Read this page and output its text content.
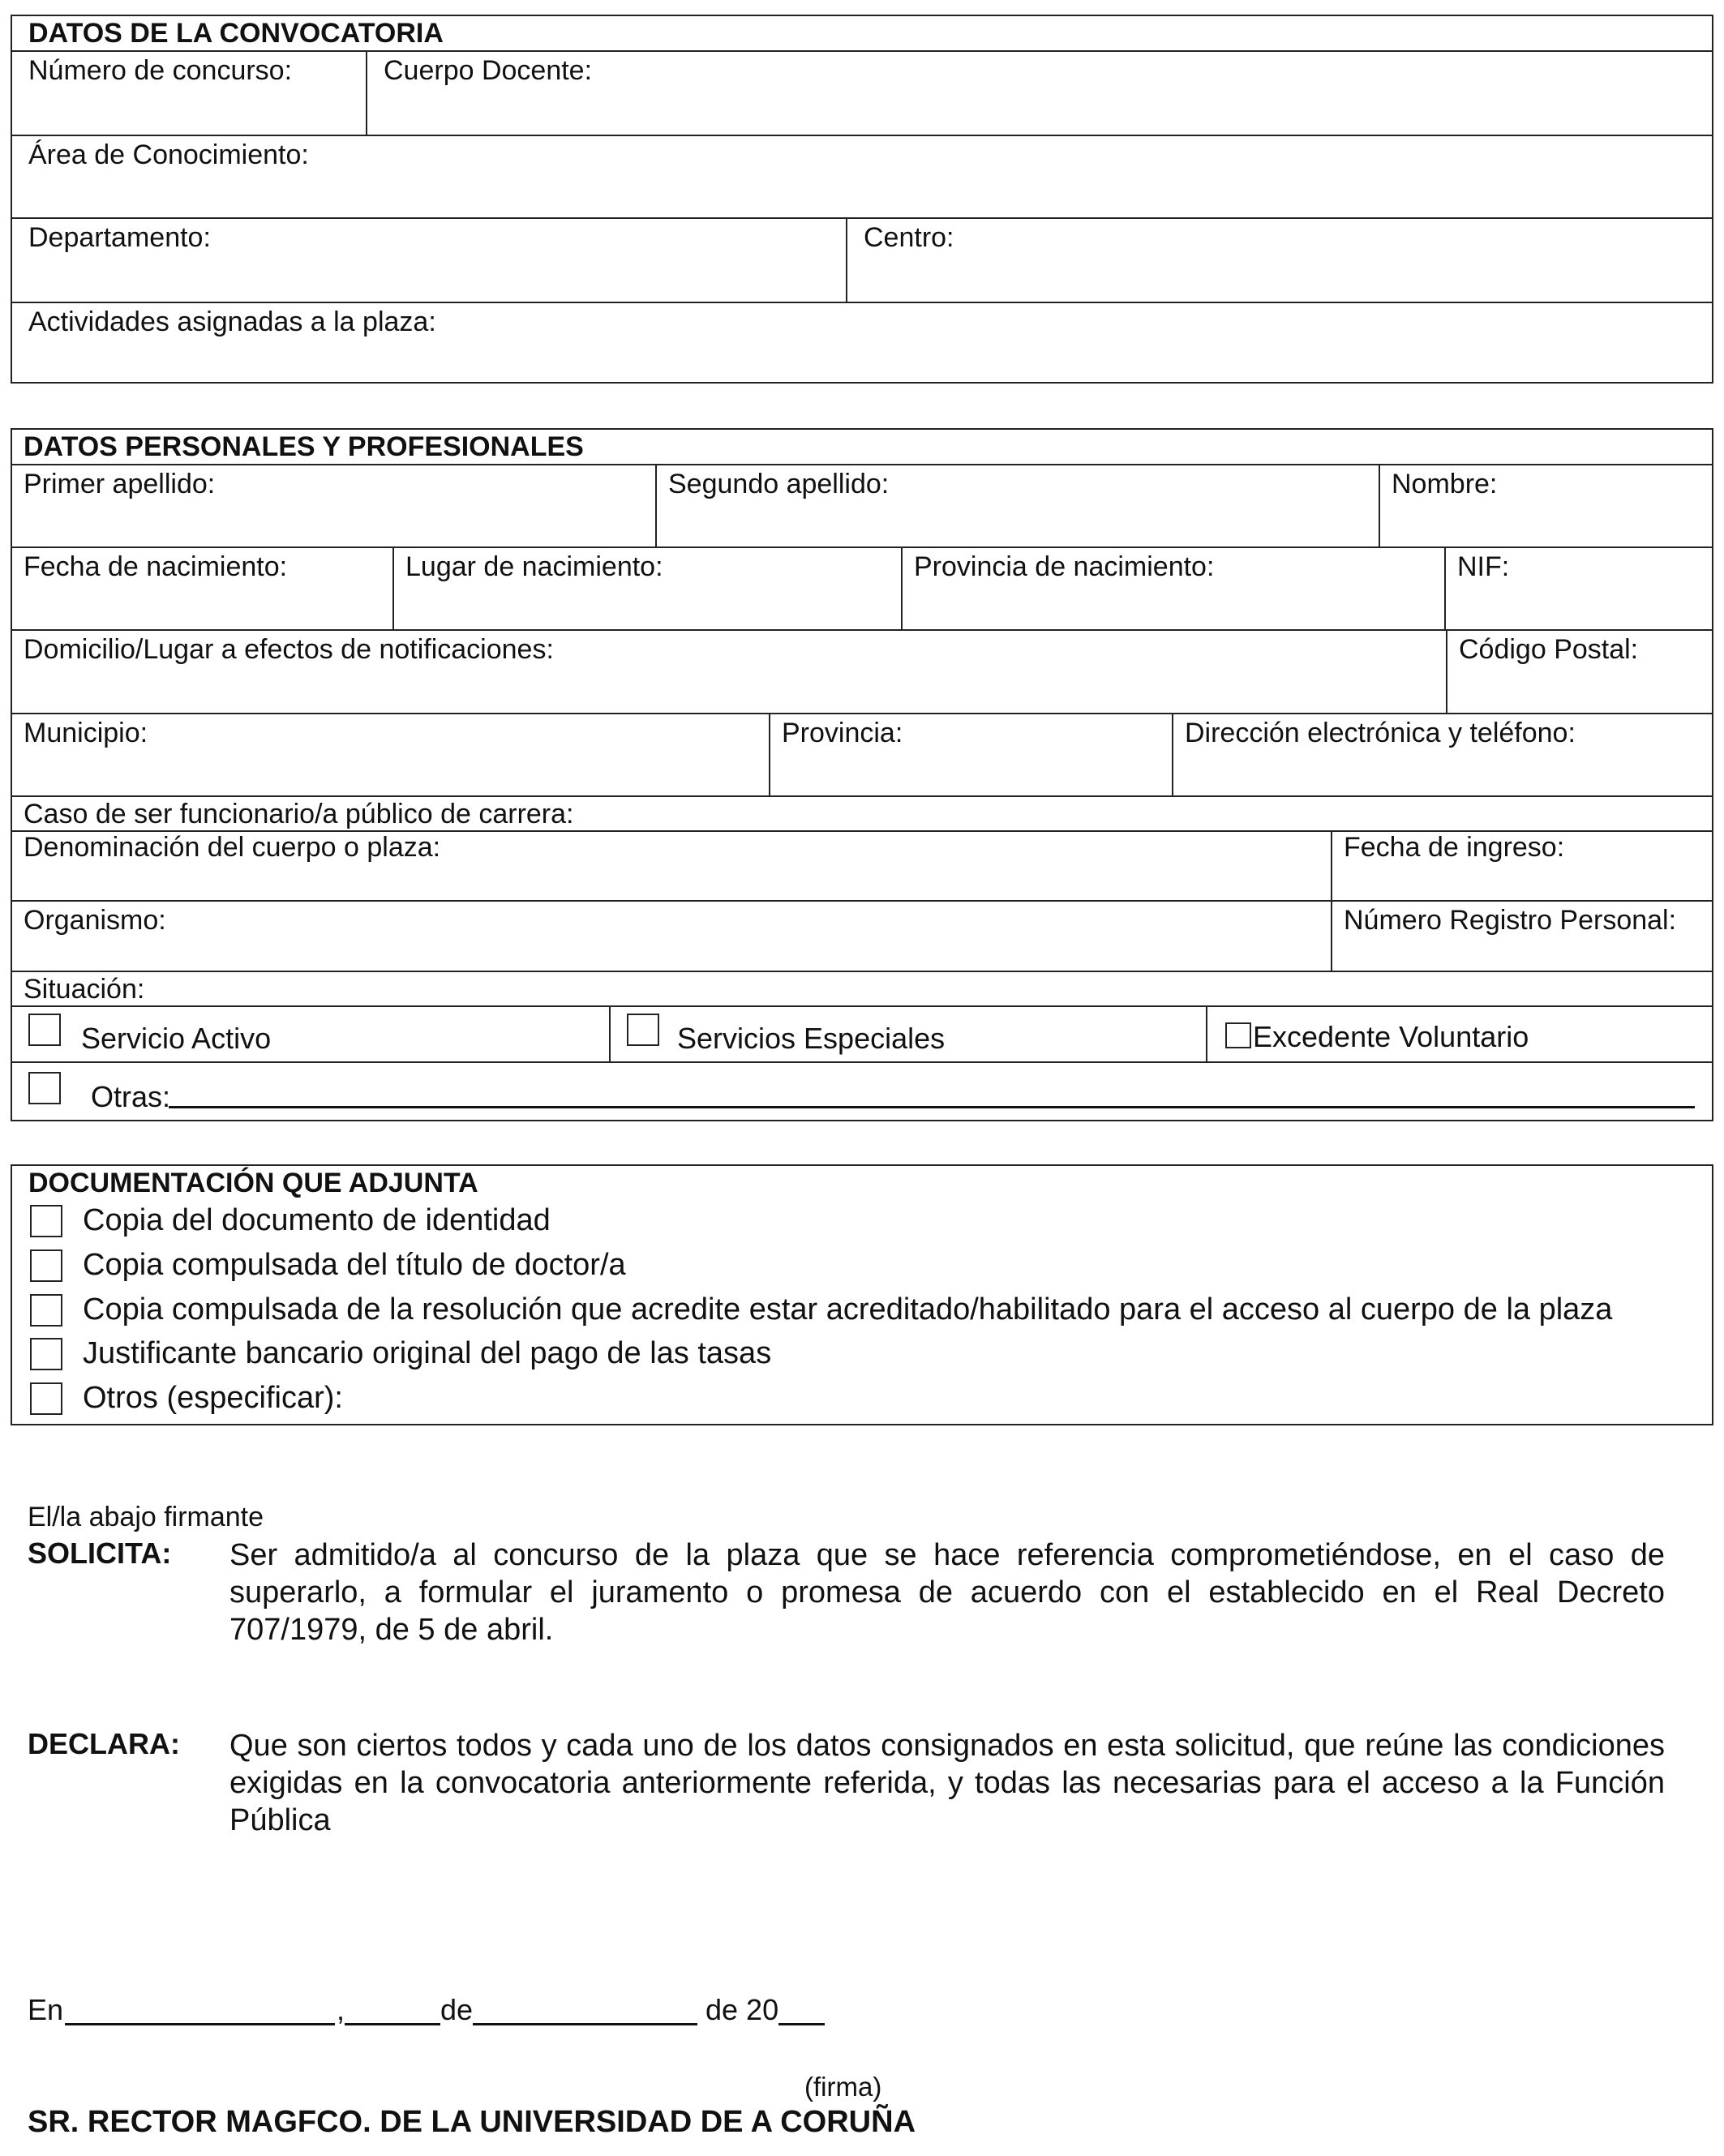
DATOS DE LA CONVOCATORIA
Número de concurso:	Cuerpo Docente:
Área de Conocimiento:
Departamento:	Centro:
Actividades asignadas a la plaza:
DATOS PERSONALES Y PROFESIONALES
Primer apellido:	Segundo apellido:	Nombre:
Fecha de nacimiento:	Lugar de nacimiento:	Provincia de nacimiento:	NIF:
Domicilio/Lugar a efectos de notificaciones:	Código Postal:
Municipio:	Provincia:	Dirección electrónica y teléfono:
Caso de ser funcionario/a público de carrera:
Denominación del cuerpo o plaza:	Fecha de ingreso:
Organismo:	Número Registro Personal:
Situación:
Servicio Activo	Servicios Especiales	Excedente Voluntario
Otras:
DOCUMENTACIÓN QUE ADJUNTA
Copia del documento de identidad
Copia compulsada del título de doctor/a
Copia compulsada de la resolución que acredite estar acreditado/habilitado para el acceso al cuerpo de la plaza
Justificante bancario original del pago de las tasas
Otros (especificar):
El/la abajo firmante
SOLICITA: Ser admitido/a al concurso de la plaza que se hace referencia comprometiéndose, en el caso de superarlo, a formular el juramento o promesa de acuerdo con el establecido en el Real Decreto 707/1979, de 5 de abril.
DECLARA: Que son ciertos todos y cada uno de los datos consignados en esta solicitud, que reúne las condiciones exigidas en la convocatoria anteriormente referida, y todas las necesarias para el acceso a la Función Pública
En	,	de	de 20
(firma)
SR. RECTOR MAGFCO. DE LA UNIVERSIDAD DE A CORUÑA
